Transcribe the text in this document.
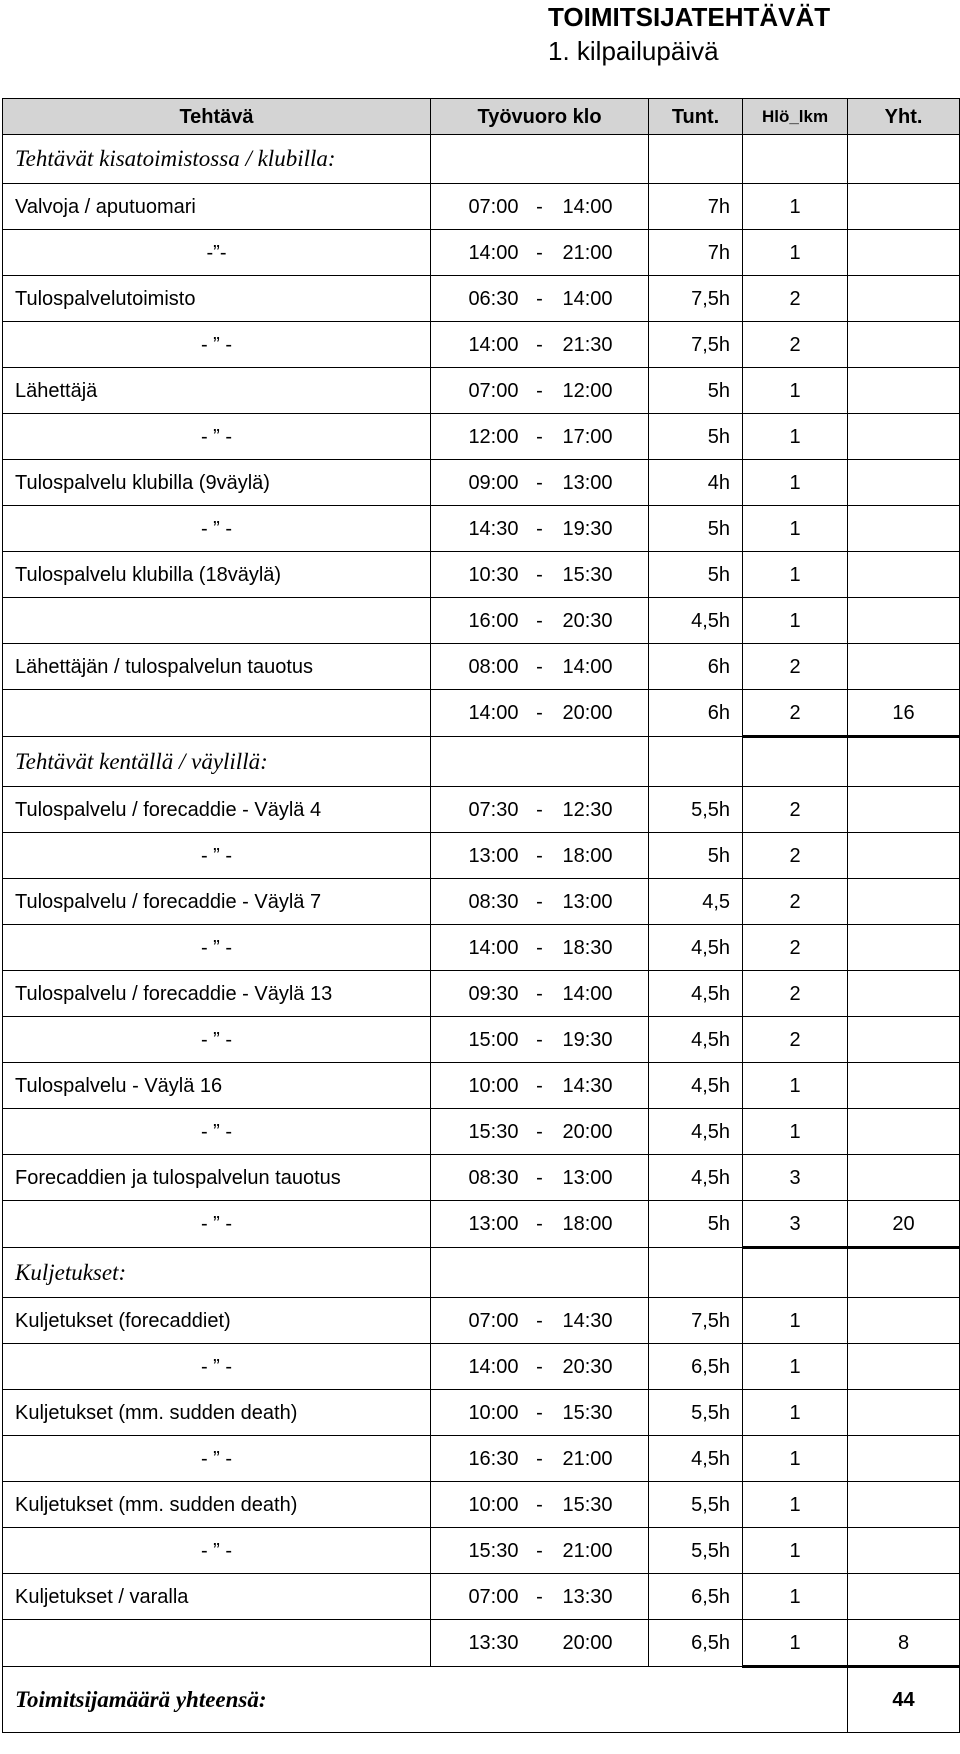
TOIMITSIJATEHTÄVÄT
1. kilpailupäivä
Tehtävä	Työvuoro klo			Tunt.	Hlö_lkm	Yht.
Tehtävät kisatoimistossa / klubilla:						
Valvoja / aputuomari	07:00	-	14:00	7h	1	
-”-	14:00	-	21:00	7h	1	
Tulospalvelutoimisto	06:30	-	14:00	7,5h	2	
- ” -	14:00	-	21:30	7,5h	2	
Lähettäjä	07:00	-	12:00	5h	1	
- ” -	12:00	-	17:00	5h	1	
Tulospalvelu klubilla (9väylä)	09:00	-	13:00	4h	1	
- ” -	14:30	-	19:30	5h	1	
Tulospalvelu klubilla (18väylä)	10:30	-	15:30	5h	1	
	16:00	-	20:30	4,5h	1	
Lähettäjän / tulospalvelun tauotus	08:00	-	14:00	6h	2	
	14:00	-	20:00	6h	2	16
Tehtävät kentällä / väylillä:						
Tulospalvelu / forecaddie - Väylä 4	07:30	-	12:30	5,5h	2	
- ” -	13:00	-	18:00	5h	2	
Tulospalvelu / forecaddie - Väylä 7	08:30	-	13:00	4,5	2	
- ” -	14:00	-	18:30	4,5h	2	
Tulospalvelu / forecaddie - Väylä 13	09:30	-	14:00	4,5h	2	
- ” -	15:00	-	19:30	4,5h	2	
Tulospalvelu - Väylä 16	10:00	-	14:30	4,5h	1	
- ” -	15:30	-	20:00	4,5h	1	
Forecaddien ja tulospalvelun tauotus	08:30	-	13:00	4,5h	3	
- ” -	13:00	-	18:00	5h	3	20
Kuljetukset:						
Kuljetukset (forecaddiet)	07:00	-	14:30	7,5h	1	
- ” -	14:00	-	20:30	6,5h	1	
Kuljetukset (mm. sudden death)	10:00	-	15:30	5,5h	1	
- ” -	16:30	-	21:00	4,5h	1	
Kuljetukset (mm. sudden death)	10:00	-	15:30	5,5h	1	
- ” -	15:30	-	21:00	5,5h	1	
Kuljetukset / varalla	07:00	-	13:30	6,5h	1	
	13:30		20:00	6,5h	1	8
Toimitsijamäärä yhteensä:						44
